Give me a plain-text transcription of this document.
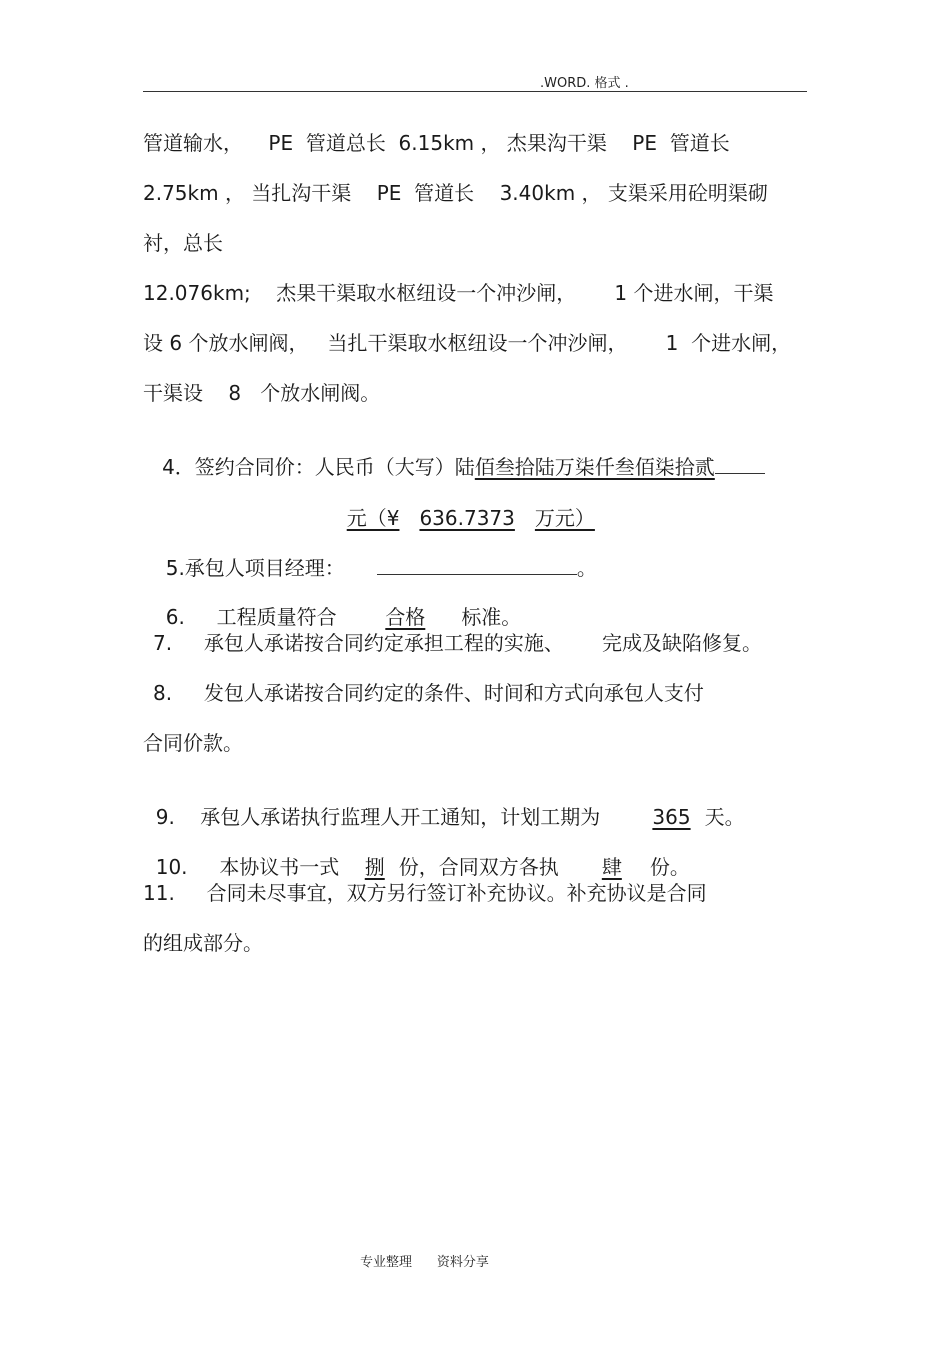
.WORD. 格式 .
管道输水，    PE  管道总长  6.15km ， 杰果沟干渠    PE  管道长
2.75km ， 当扎沟干渠    PE  管道长    3.40km ， 支渠采用砼明渠砌
衬，总长
12.076km;    杰果干渠取水枢纽设一个冲沙闸，      1 个进水闸，干渠
设 6 个放水闸阀，   当扎干渠取水枢纽设一个冲沙闸，      1  个进水闸，
干渠设    8   个放水闸阀。

4．签约合同价：人民币（大写）陆佰叁拾陆万柒仟叁佰柒拾贰

元（¥ 636.7373 万元）

5.承包人项目经理：	。

6.     工程质量符合 合格 标准。

7.     承包人承诺按合同约定承担工程的实施、      完成及缺陷修复。
8.     发包人承诺按合同约定的条件、时间和方式向承包人支付
合同价款。

9.    承包人承诺执行监理人开工通知，计划工期为	365 天。

10.     本协议书一式 捌 份，合同双方各执 肆 份。

11.     合同未尽事宜，双方另行签订补充协议。补充协议是合同
的组成部分。
专业整理 资料分享
